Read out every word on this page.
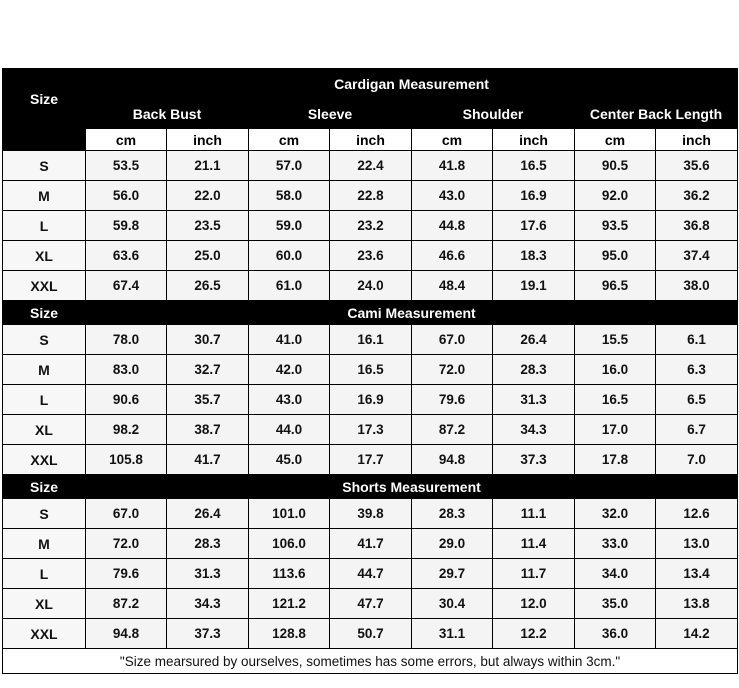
Size	Cardigan Measurement							
	Back Bust		Sleeve		Shoulder		Center Back Length	
	cm	inch	cm	inch	cm	inch	cm	inch
S	53.5	21.1	57.0	22.4	41.8	16.5	90.5	35.6
M	56.0	22.0	58.0	22.8	43.0	16.9	92.0	36.2
L	59.8	23.5	59.0	23.2	44.8	17.6	93.5	36.8
XL	63.6	25.0	60.0	23.6	46.6	18.3	95.0	37.4
XXL	67.4	26.5	61.0	24.0	48.4	19.1	96.5	38.0
Size	Cami Measurement							
S	78.0	30.7	41.0	16.1	67.0	26.4	15.5	6.1
M	83.0	32.7	42.0	16.5	72.0	28.3	16.0	6.3
L	90.6	35.7	43.0	16.9	79.6	31.3	16.5	6.5
XL	98.2	38.7	44.0	17.3	87.2	34.3	17.0	6.7
XXL	105.8	41.7	45.0	17.7	94.8	37.3	17.8	7.0
Size	Shorts Measurement							
S	67.0	26.4	101.0	39.8	28.3	11.1	32.0	12.6
M	72.0	28.3	106.0	41.7	29.0	11.4	33.0	13.0
L	79.6	31.3	113.6	44.7	29.7	11.7	34.0	13.4
XL	87.2	34.3	121.2	47.7	30.4	12.0	35.0	13.8
XXL	94.8	37.3	128.8	50.7	31.1	12.2	36.0	14.2
"Size mearsured by ourselves, sometimes has some errors, but always within 3cm."								
